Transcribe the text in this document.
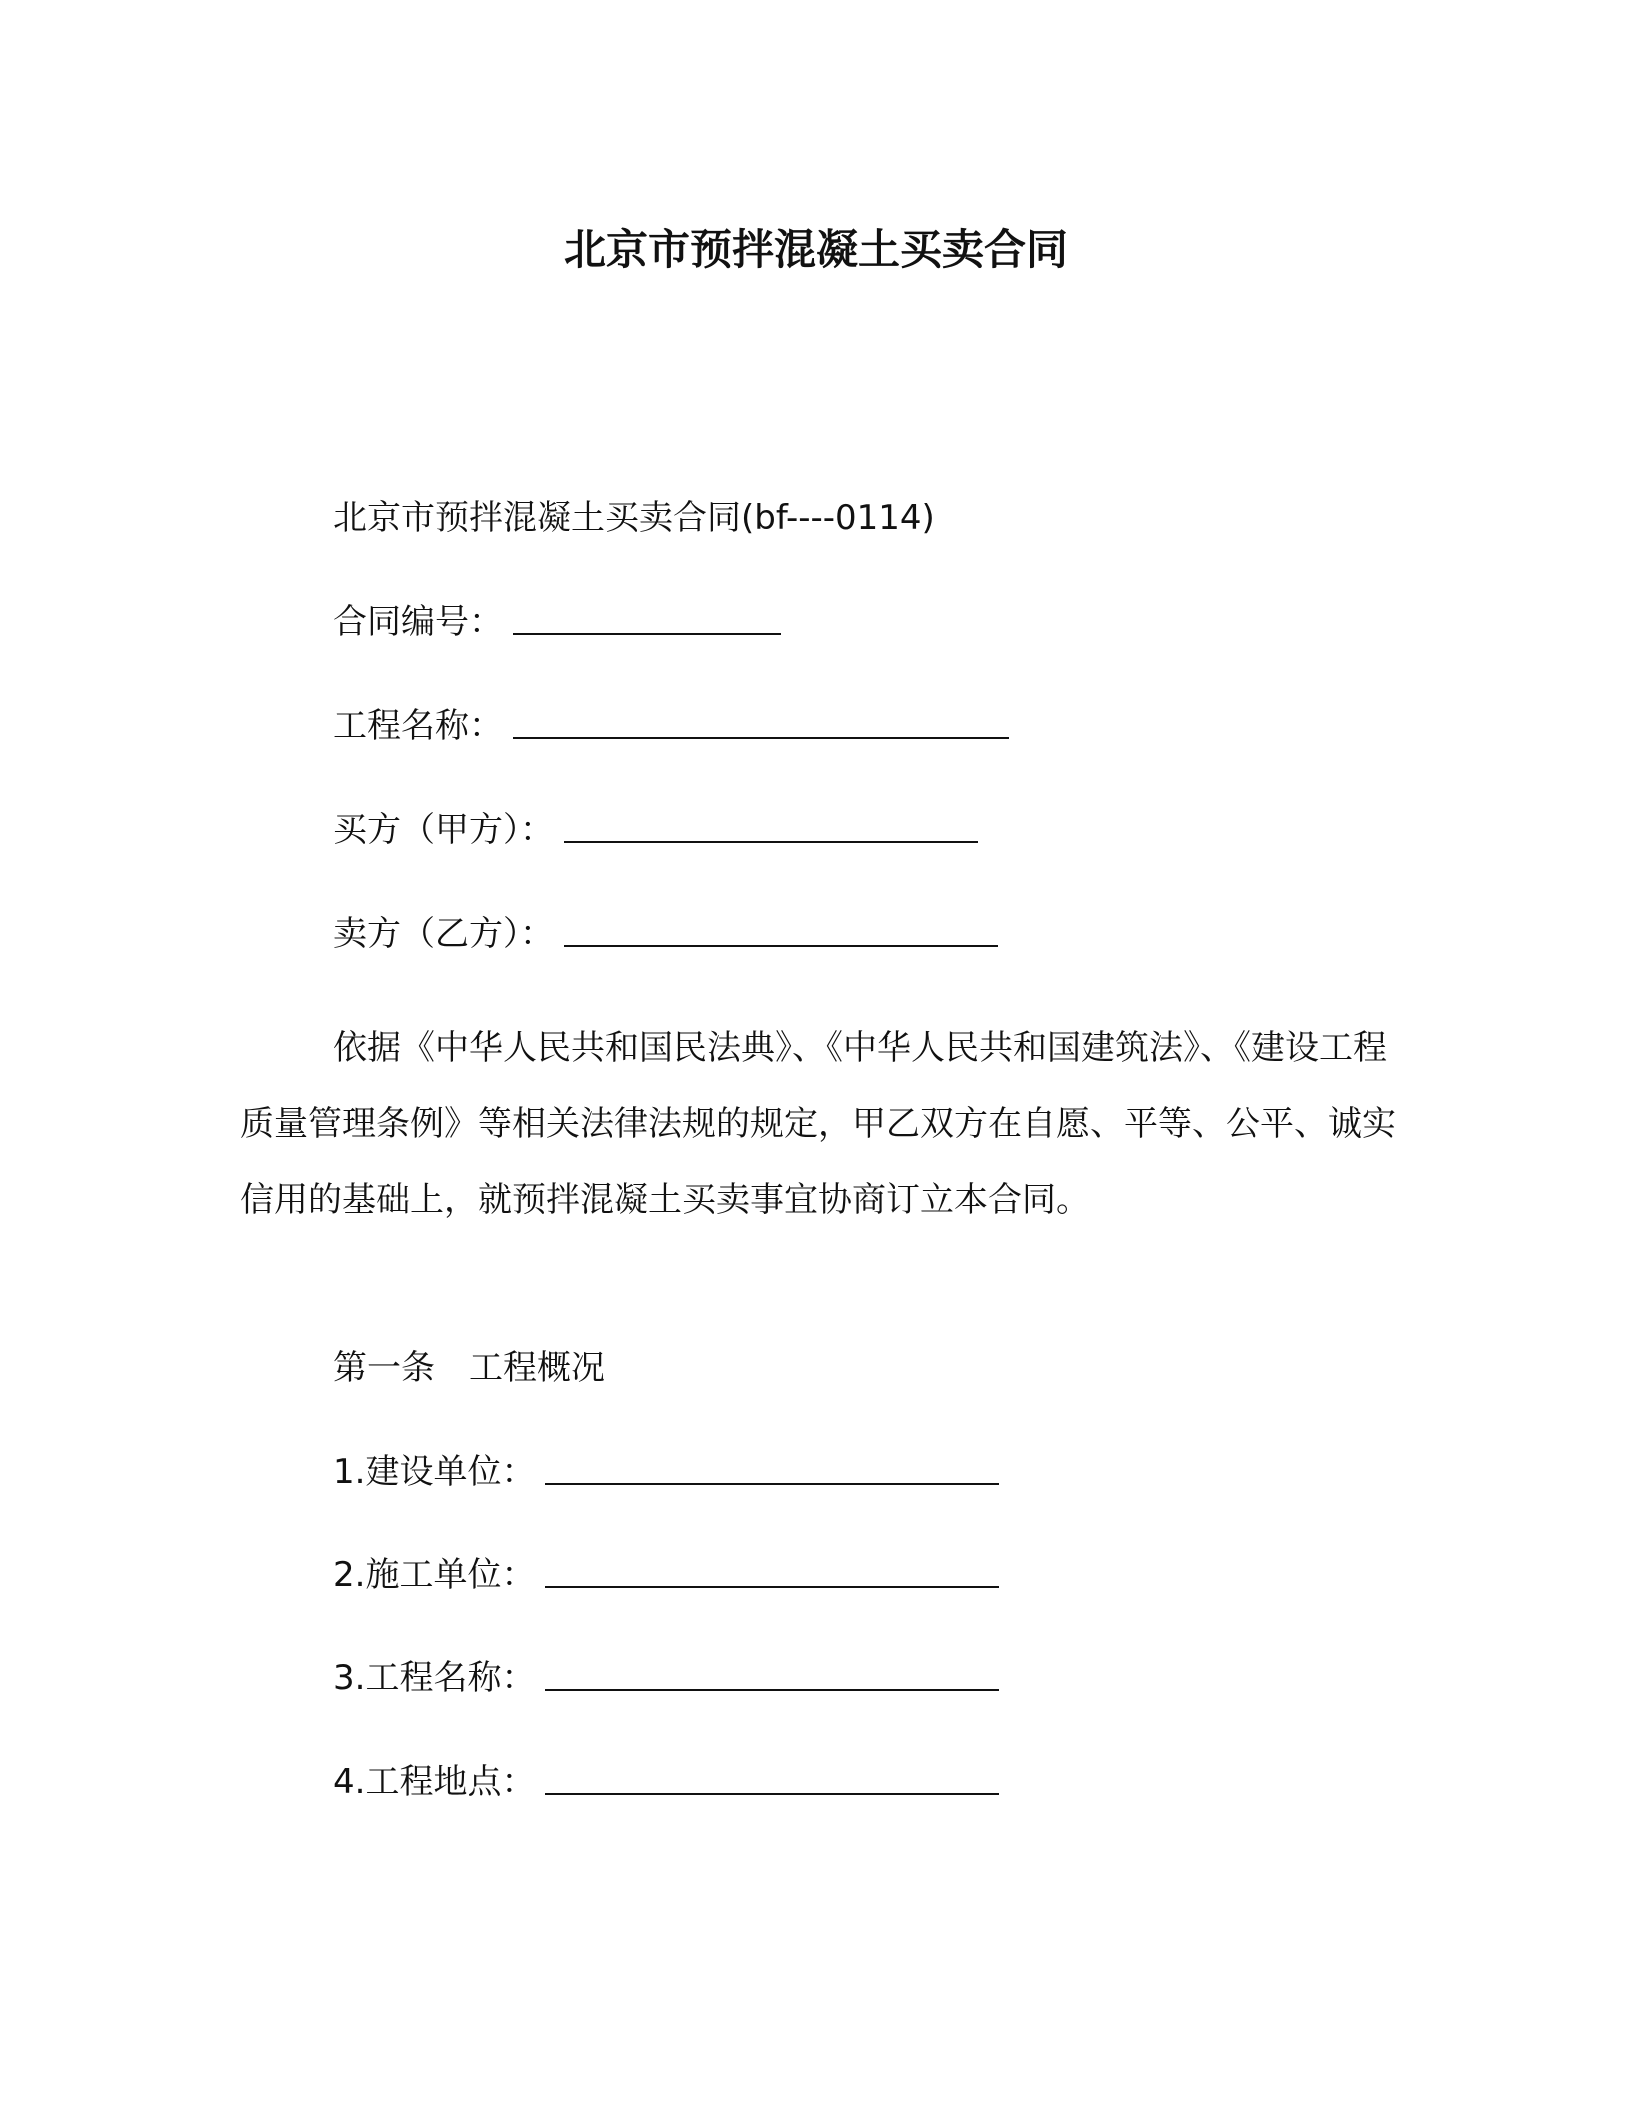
北京市预拌混凝土买卖合同
北京市预拌混凝土买卖合同(bf----0114)
合同编号：
工程名称：
买方（甲方）：
卖方（乙方）：
依据《中华人民共和国民法典》、《中华人民共和国建筑法》、《建设工程质量管理条例》等相关法律法规的规定，甲乙双方在自愿、平等、公平、诚实信用的基础上，就预拌混凝土买卖事宜协商订立本合同。
第一条　工程概况
1.建设单位：
2.施工单位：
3.工程名称：
4.工程地点：
